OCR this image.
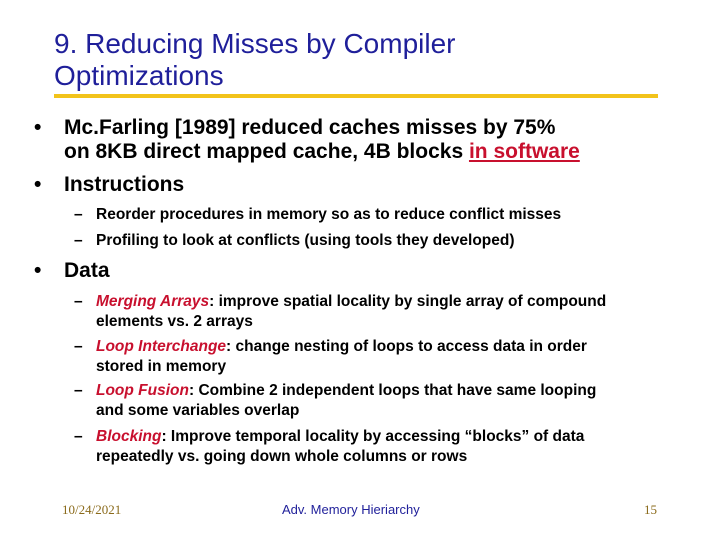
9. Reducing Misses by Compiler
Optimizations
•	Mc.Farling [1989] reduced caches misses by 75%
on 8KB direct mapped cache, 4B blocks in software
•	Instructions
– Reorder procedures in memory so as to reduce conflict misses
– Profiling to look at conflicts (using tools they developed)
•	Data
– Merging Arrays: improve spatial locality by single array of compound
elements vs. 2 arrays
– Loop Interchange: change nesting of loops to access data in order
stored in memory
– Loop Fusion: Combine 2 independent loops that have same looping
and some variables overlap
– Blocking: Improve temporal locality by accessing “blocks” of data
repeatedly vs. going down whole columns or rows
10/24/2021	Adv. Memory Hieriarchy	15
